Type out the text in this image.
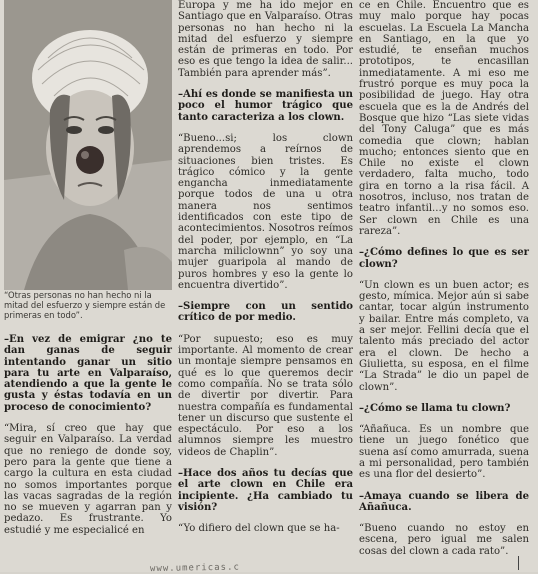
“Otras personas no han hecho ni la mitad del esfuerzo y siempre están de primeras en todo”.

–En vez de emigrar ¿no te dan ganas de seguir intentando ganar un sitio para tu arte en Valparaíso, atendiendo a que la gente le gusta y éstas todavía en un proceso de conocimiento?

“Mira, sí creo que hay que seguir en Valparaíso. La verdad que no reniego de donde soy, pero para la gente que tiene a cargo la cultura en esta ciudad no somos importantes porque las vacas sagradas de la región no se mueven y agarran pan y pedazo. Es frustrante. Yo estudié y me especialicé en

Europa y me ha ido mejor en Santiago que en Valparaíso. Otras personas no han hecho ni la mitad del esfuerzo y siempre están de primeras en todo. Por eso es que tengo la idea de salir... También para aprender más”.

–Ahí es donde se manifiesta un poco el humor trágico que tanto caracteriza a los clown.

“Bueno...si; los clown aprendemos a reírnos de situaciones bien tristes. Es trágico cómico y la gente engancha inmediatamente porque todos de una u otra manera nos sentimos identificados con este tipo de acontecimientos. Nosotros reímos del poder, por ejemplo, en “La marcha miliclownn” yo soy una mujer guaripola al mando de puros hombres y eso la gente lo encuentra divertido”.

–Siempre con un sentido crítico de por medio.

“Por supuesto; eso es muy importante. Al momento de crear un montaje siempre pensamos en qué es lo que queremos decir como compañía. No se trata sólo de divertir por divertir. Para nuestra compañía es fundamental tener un discurso que sustente el espectáculo. Por eso a los alumnos siempre les muestro videos de Chaplin”.

–Hace dos años tu decías que el arte clown en Chile era incipiente. ¿Ha cambiado tu visión?

“Yo difiero del clown que se ha-

ce en Chile. Encuentro que es muy malo porque hay pocas escuelas. La Escuela La Mancha en Santiago, en la que yo estudié, te enseñan muchos prototipos, te encasillan inmediatamente. A mi eso me frustró porque es muy poca la posibilidad de juego. Hay otra escuela que es la de Andrés del Bosque que hizo “Las siete vidas del Tony Caluga” que es más comedia que clown; hablan mucho; entonces siento que en Chile no existe el clown verdadero, falta mucho, todo gira en torno a la risa fácil. A nosotros, incluso, nos tratan de teatro infantil...y no somos eso. Ser clown en Chile es una rareza”.

–¿Cómo defines lo que es ser clown?

“Un clown es un buen actor; es gesto, mímica. Mejor aún si sabe cantar, tocar algún instrumento y bailar. Entre más completo, va a ser mejor. Fellini decía que el talento más preciado del actor era el clown. De hecho a Giulietta, su esposa, en el filme “La Strada” le dio un papel de clown”.

–¿Cómo se llama tu clown?

“Añañuca. Es un nombre que tiene un juego fonético que suena así como amurrada, suena a mi personalidad, pero también es una flor del desierto”.

–Amaya cuando se libera de Añañuca.

“Bueno cuando no estoy en escena, pero igual me salen cosas del clown a cada rato”.

www.umericas.c
